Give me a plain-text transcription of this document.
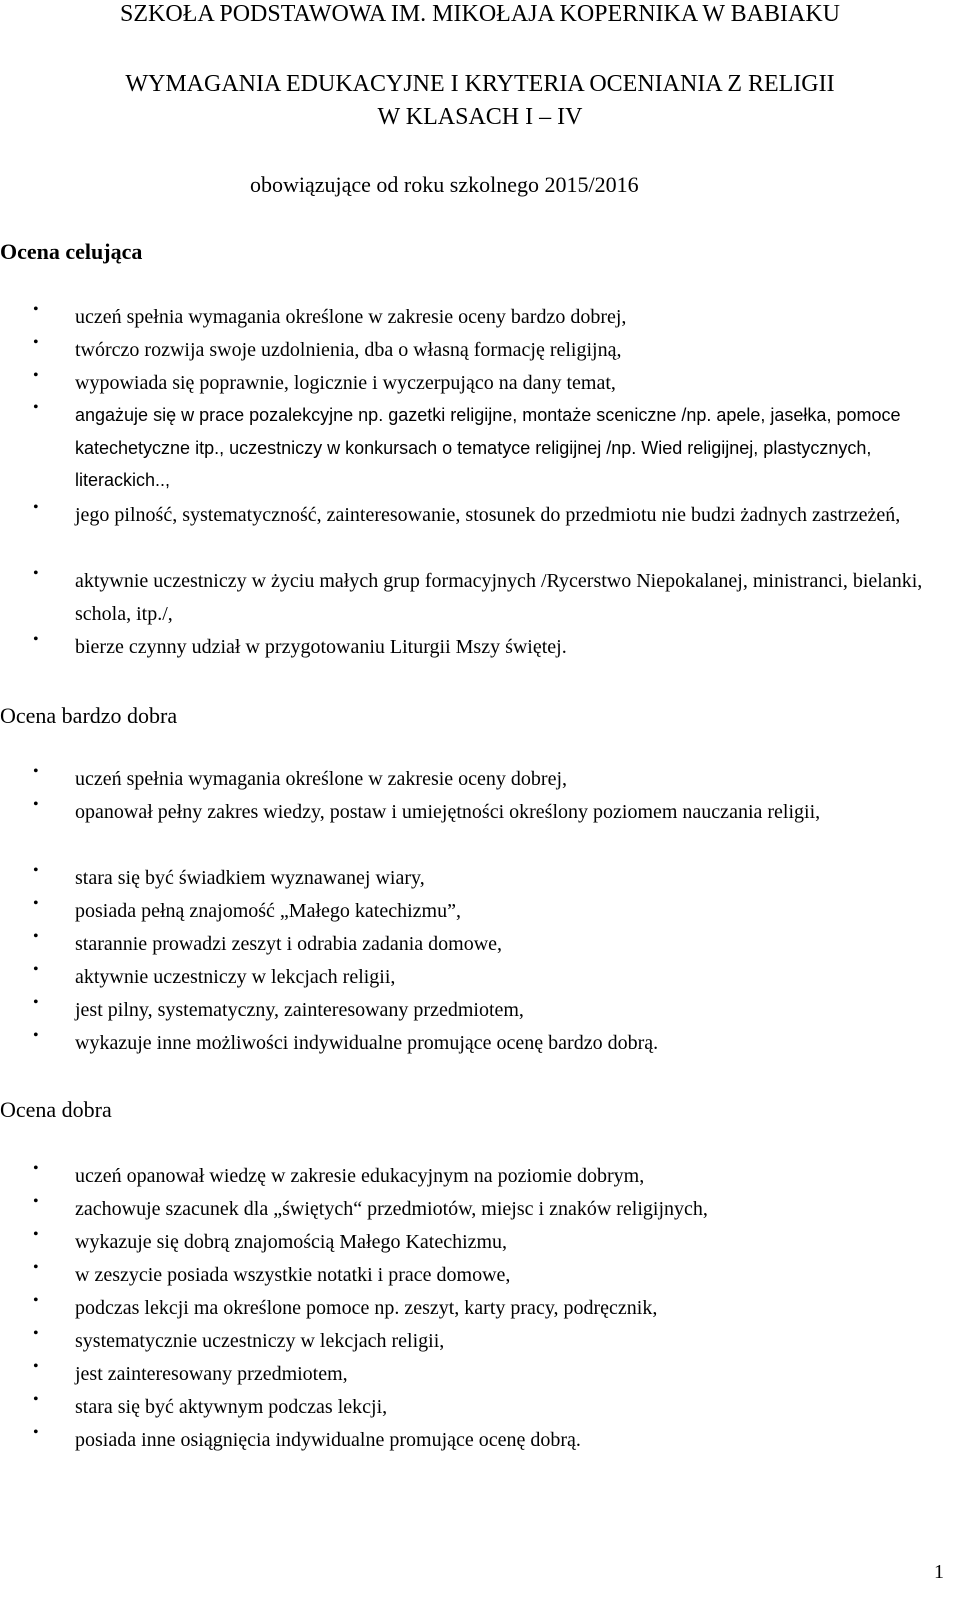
SZKOŁA PODSTAWOWA IM. MIKOŁAJA KOPERNIKA W BABIAKU
WYMAGANIA EDUKACYJNE I KRYTERIA OCENIANIA Z RELIGII
W KLASACH I – IV
obowiązujące od roku szkolnego 2015/2016
Ocena celująca
• uczeń spełnia wymagania określone w zakresie oceny bardzo dobrej,
• twórczo rozwija swoje uzdolnienia, dba o własną formację religijną,
• wypowiada się poprawnie, logicznie i wyczerpująco na dany temat,
• angażuje się w prace pozalekcyjne np. gazetki religijne, montaże sceniczne /np. apele, jasełka, pomoce katechetyczne itp., uczestniczy w konkursach o tematyce religijnej /np. Wied religijnej, plastycznych, literackich..,
• jego pilność, systematyczność, zainteresowanie, stosunek do przedmiotu nie budzi żadnych zastrzeżeń,
• aktywnie uczestniczy w życiu małych grup formacyjnych /Rycerstwo Niepokalanej, ministranci, bielanki, schola, itp./,
• bierze czynny udział w przygotowaniu Liturgii Mszy świętej.
Ocena bardzo dobra
• uczeń spełnia wymagania określone w zakresie oceny dobrej,
• opanował pełny zakres wiedzy, postaw i umiejętności określony poziomem nauczania religii,
• stara się być świadkiem wyznawanej wiary,
• posiada pełną znajomość „Małego katechizmu”,
• starannie prowadzi zeszyt i odrabia zadania domowe,
• aktywnie uczestniczy w lekcjach religii,
• jest pilny, systematyczny, zainteresowany przedmiotem,
• wykazuje inne możliwości indywidualne promujące ocenę bardzo dobrą.
Ocena dobra
• uczeń opanował wiedzę w zakresie edukacyjnym na poziomie dobrym,
• zachowuje szacunek dla „świętych“ przedmiotów, miejsc i znaków religijnych,
• wykazuje się dobrą znajomością Małego Katechizmu,
• w zeszycie posiada wszystkie notatki i prace domowe,
• podczas lekcji ma określone pomoce np. zeszyt, karty pracy, podręcznik,
• systematycznie uczestniczy w lekcjach religii,
• jest zainteresowany przedmiotem,
• stara się być aktywnym podczas lekcji,
• posiada inne osiągnięcia indywidualne promujące ocenę dobrą.
1
